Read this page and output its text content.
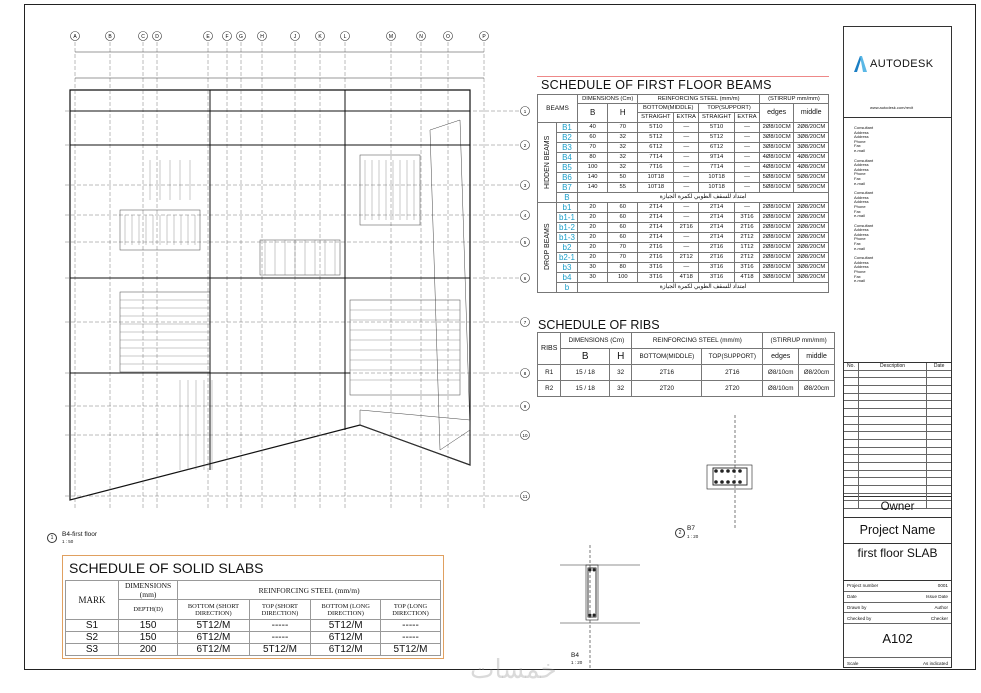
A	B	C D	E	F G	H	J	K	L	M	N	O	P
1
2
3
4
5
6
7
8
9
10
11
B4-first floor
1 : 50
1
SCHEDULE OF FIRST FLOOR BEAMS
BEAMS		DIMENSIONS (Cm)		REINFORCING STEEL (mm/m)				(STIRRUP mm/mm)	
		B	H	BOTTOM(MIDDLE)		TOP(SUPPORT)		edges	middle
				STRAIGHT	EXTRA	STRAIGHT	EXTRA		
HIDDEN BEAMS	B1	40	70	5T10	—	5T10	—	2Ø8/10CM	2Ø8/20CM
	B2	60	32	5T12	—	5T12	—	3Ø8/10CM	3Ø8/20CM
	B3	70	32	6T12	—	6T12	—	3Ø8/10CM	3Ø8/20CM
	B4	80	32	7T14	—	9T14	—	4Ø8/10CM	4Ø8/20CM
	B5	100	32	7T16	—	7T14	—	4Ø8/10CM	4Ø8/20CM
	B6	140	50	10T18	—	10T18	—	5Ø8/10CM	5Ø8/20CM
	B7	140	55	10T18	—	10T18	—	5Ø8/10CM	5Ø8/20CM
	B	امتداد للسقف الطوبي لكمرة الجيازة							
DROP BEAMS	b1	20	60	2T14	—	2T14	—	2Ø8/10CM	2Ø8/20CM
	b1-1	20	60	2T14	—	2T14	3T16	2Ø8/10CM	2Ø8/20CM
	b1-2	20	60	2T14	2T16	2T14	2T16	2Ø8/10CM	2Ø8/20CM
	b1-3	20	60	2T14	—	2T14	2T12	2Ø8/10CM	2Ø8/20CM
	b2	20	70	2T16	—	2T16	1T12	2Ø8/10CM	2Ø8/20CM
	b2-1	20	70	2T16	2T12	2T16	2T12	2Ø8/10CM	2Ø8/20CM
	b3	30	80	3T16	—	3T16	3T16	2Ø8/10CM	3Ø8/20CM
	b4	30	100	3T16	4T18	3T16	4T18	3Ø8/10CM	3Ø8/20CM
	b	امتداد للسقف الطوبي لكمرة الجيازة							
SCHEDULE OF RIBS
RIBS	DIMENSIONS (Cm)		REINFORCING STEEL (mm/m)		(STIRRUP mm/mm)	
	B	H	BOTTOM(MIDDLE)	TOP(SUPPORT)	edges	middle
R1	15 / 18	32	2T16	2T16	Ø8/10cm	Ø8/20cm
R2	15 / 18	32	2T20	2T20	Ø8/10cm	Ø8/20cm
2
B7
1 : 20
B4
1 : 20
SCHEDULE OF SOLID SLABS
MARK	DIMENSIONS (mm)	REINFORCING STEEL (mm/m)			
	DEPTH(D)	BOTTOM (SHORT DIRECTION)	TOP (SHORT DIRECTION)	BOTTOM (LONG DIRECTION)	TOP (LONG DIRECTION)
S1	150	5T12/M	-----	5T12/M	-----
S2	150	6T12/M	-----	6T12/M	-----
S3	200	6T12/M	5T12/M	6T12/M	5T12/M
AUTODESK
www.autodesk.com/revit
Consultant
Address
Address
Phone
Fax
e-mail
Consultant
Address
Address
Phone
Fax
e-mail
Consultant
Address
Address
Phone
Fax
e-mail
Consultant
Address
Address
Phone
Fax
e-mail
Consultant
Address
Address
Phone
Fax
e-mail
No.	Description	Date
Owner
Project Name
first floor SLAB
Project number	0001
Date	Issue Date
Drawn by	Author
Checked by	Checker
A102
Scale	As indicated
خمسات
